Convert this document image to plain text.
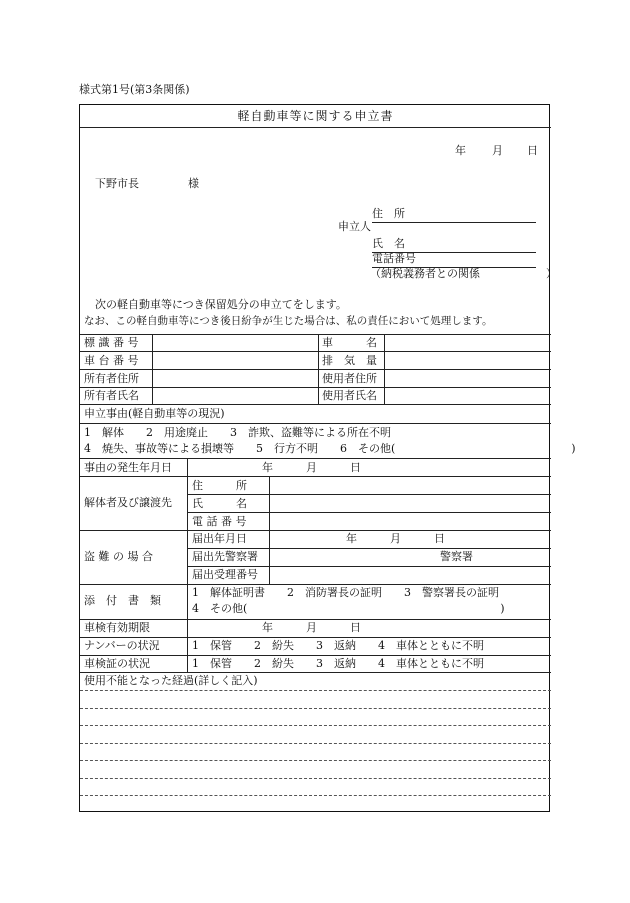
様式第1号(第3条関係)
軽自動車等に関する申立書
年 月 日
下野市長	様
申立人
住　所
氏　名
電話番号
（納税義務者との関係　　　　　　）
次の軽自動車等につき保留処分の申立てをします。
なお、この軽自動車等につき後日紛争が生じた場合は、私の責任において処理します。
標 識 番 号	車　　　名
車 台 番 号	排　気　量
所有者住所	使用者住所
所有者氏名	使用者氏名
申立事由(軽自動車等の現況)
1　解体　　2　用途廃止　　3　詐欺、盗難等による所在不明
4　焼失、事故等による損壊等　　5　行方不明　　6　その他(　　　　　　　　　　　　　　　　)
事由の発生年月日	年　　　月　　　日
解体者及び譲渡先
住　　　所
氏　　　名
電 話 番 号
盗 難 の 場 合
届出年月日	年　　　月　　　日
届出先警察署	警察署
届出受理番号
添　付　書　類
1　解体証明書　　2　消防署長の証明　　3　警察署長の証明
4　その他(　　　　　　　　　　　　　　　　　　　　　　　)
車検有効期限	年　　　月　　　日
ナンバーの状況	1　保管　　2　紛失　　3　返納　　4　車体とともに不明
車検証の状況	1　保管　　2　紛失　　3　返納　　4　車体とともに不明
使用不能となった経過(詳しく記入)
